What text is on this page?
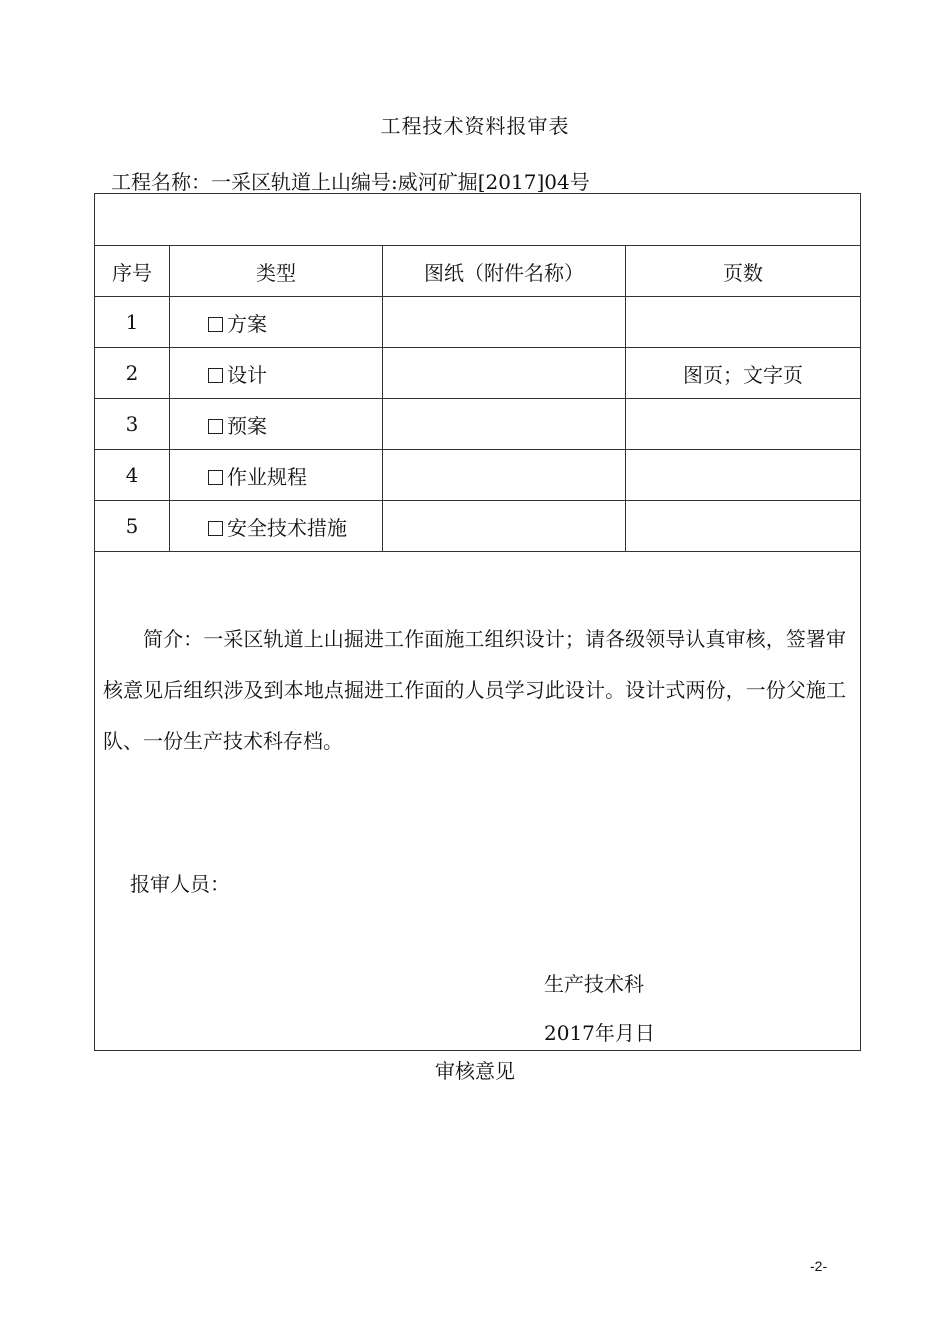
工程技术资料报审表
工程名称：一采区轨道上山编号:威河矿掘[2017]04号

序号	类型	图纸（附件名称）	页数
1	方案		
2	设计		图页；文字页
3	预案		
4	作业规程		
5	安全技术措施		

简介：一采区轨道上山掘进工作面施工组织设计；请各级领导认真审核，签署审核意见后组织涉及到本地点掘进工作面的人员学习此设计。设计式两份，一份父施工队、一份生产技术科存档。
报审人员：
生产技术科
2017年月日			
审核意见
-2-
